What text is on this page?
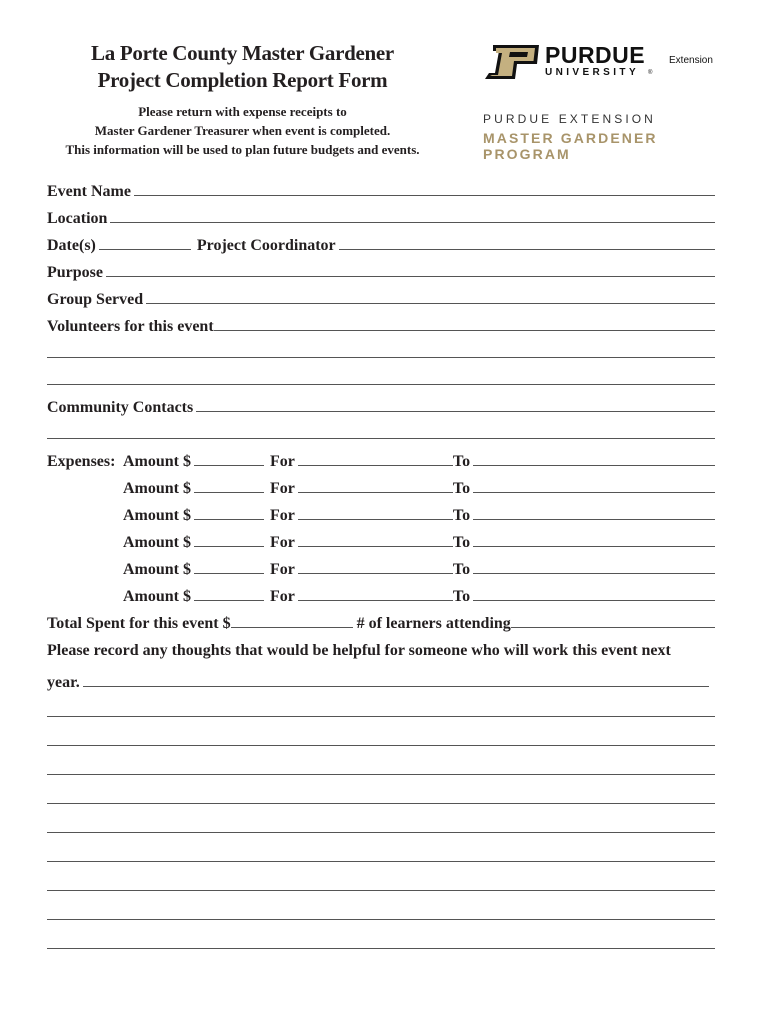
La Porte County Master Gardener
Project Completion Report Form
Please return with expense receipts to
Master Gardener Treasurer when event is completed.
This information will be used to plan future budgets and events.
PURDUE
UNIVERSITY ®
Extension
PURDUE EXTENSION
MASTER GARDENER PROGRAM
Event Name
Location
Date(s)	Project Coordinator
Purpose
Group Served
Volunteers for this event
Community Contacts
Expenses: Amount $	For	To
Amount $	For	To
Amount $	For	To
Amount $	For	To
Amount $	For	To
Amount $	For	To
Total Spent for this event $	# of learners attending
Please record any thoughts that would be helpful for someone who will work this event next
year.
